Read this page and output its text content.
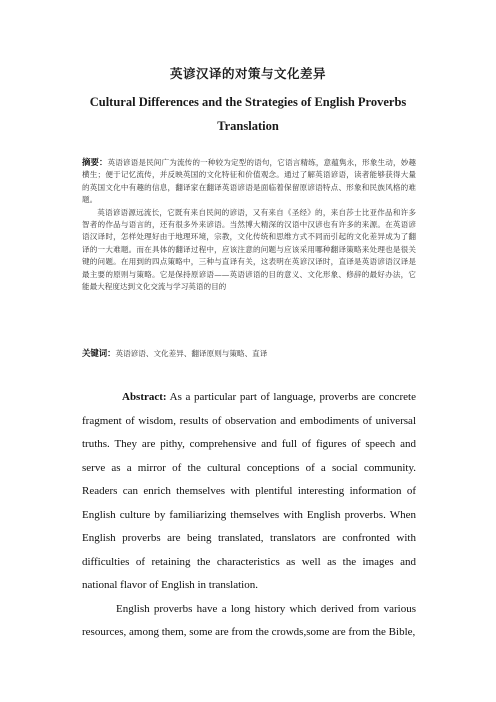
英谚汉译的对策与文化差异
Cultural Differences and the Strategies of English Proverbs
Translation

摘要：英语谚语是民间广为流传的一种较为定型的语句，它语言精练，意蕴隽永，形象生动，妙趣横生；便于记忆流传，并反映英国的文化特征和价值观念。通过了解英语谚语，读者能够获得大量的英国文化中有趣的信息，翻译家在翻译英语谚语是面临着保留原谚语特点、形象和民族风格的难题。

英语谚语源远流长，它既有来自民间的谚语，又有来自《圣经》的，来自莎士比亚作品和许多智者的作品与语言的，还有很多外来谚语。当然博大精深的汉语中汉谚也有许多的来源。在英语谚语汉译时，怎样处理好由于地理环境，宗教，文化传统和思维方式不同而引起的文化差异成为了翻译的一大难题。而在具体的翻译过程中，应该注意的问题与应该采用哪种翻译策略来处理也是很关键的问题。在用到的四点策略中，三种与直译有关，这表明在英谚汉译时，直译是英语谚语汉译是最主要的原则与策略。它是保持原谚语——英语谚语的目的意义、文化形象、修辞的最好办法，它能最大程度达到文化交流与学习英语的目的

关键词：英语谚语、文化差异、翻译原则与策略、直译

Abstract: As a particular part of language, proverbs are concrete fragment of wisdom, results of observation and embodiments of universal truths. They are pithy, comprehensive and full of figures of speech and serve as a mirror of the cultural conceptions of a social community. Readers can enrich themselves with plentiful interesting information of English culture by familiarizing themselves with English proverbs. When English proverbs are being translated, translators are confronted with difficulties of retaining the characteristics as well as the images and national flavor of English in translation.

English proverbs have a long history which derived from various resources, among them, some are from the crowds,some are from the Bible,
